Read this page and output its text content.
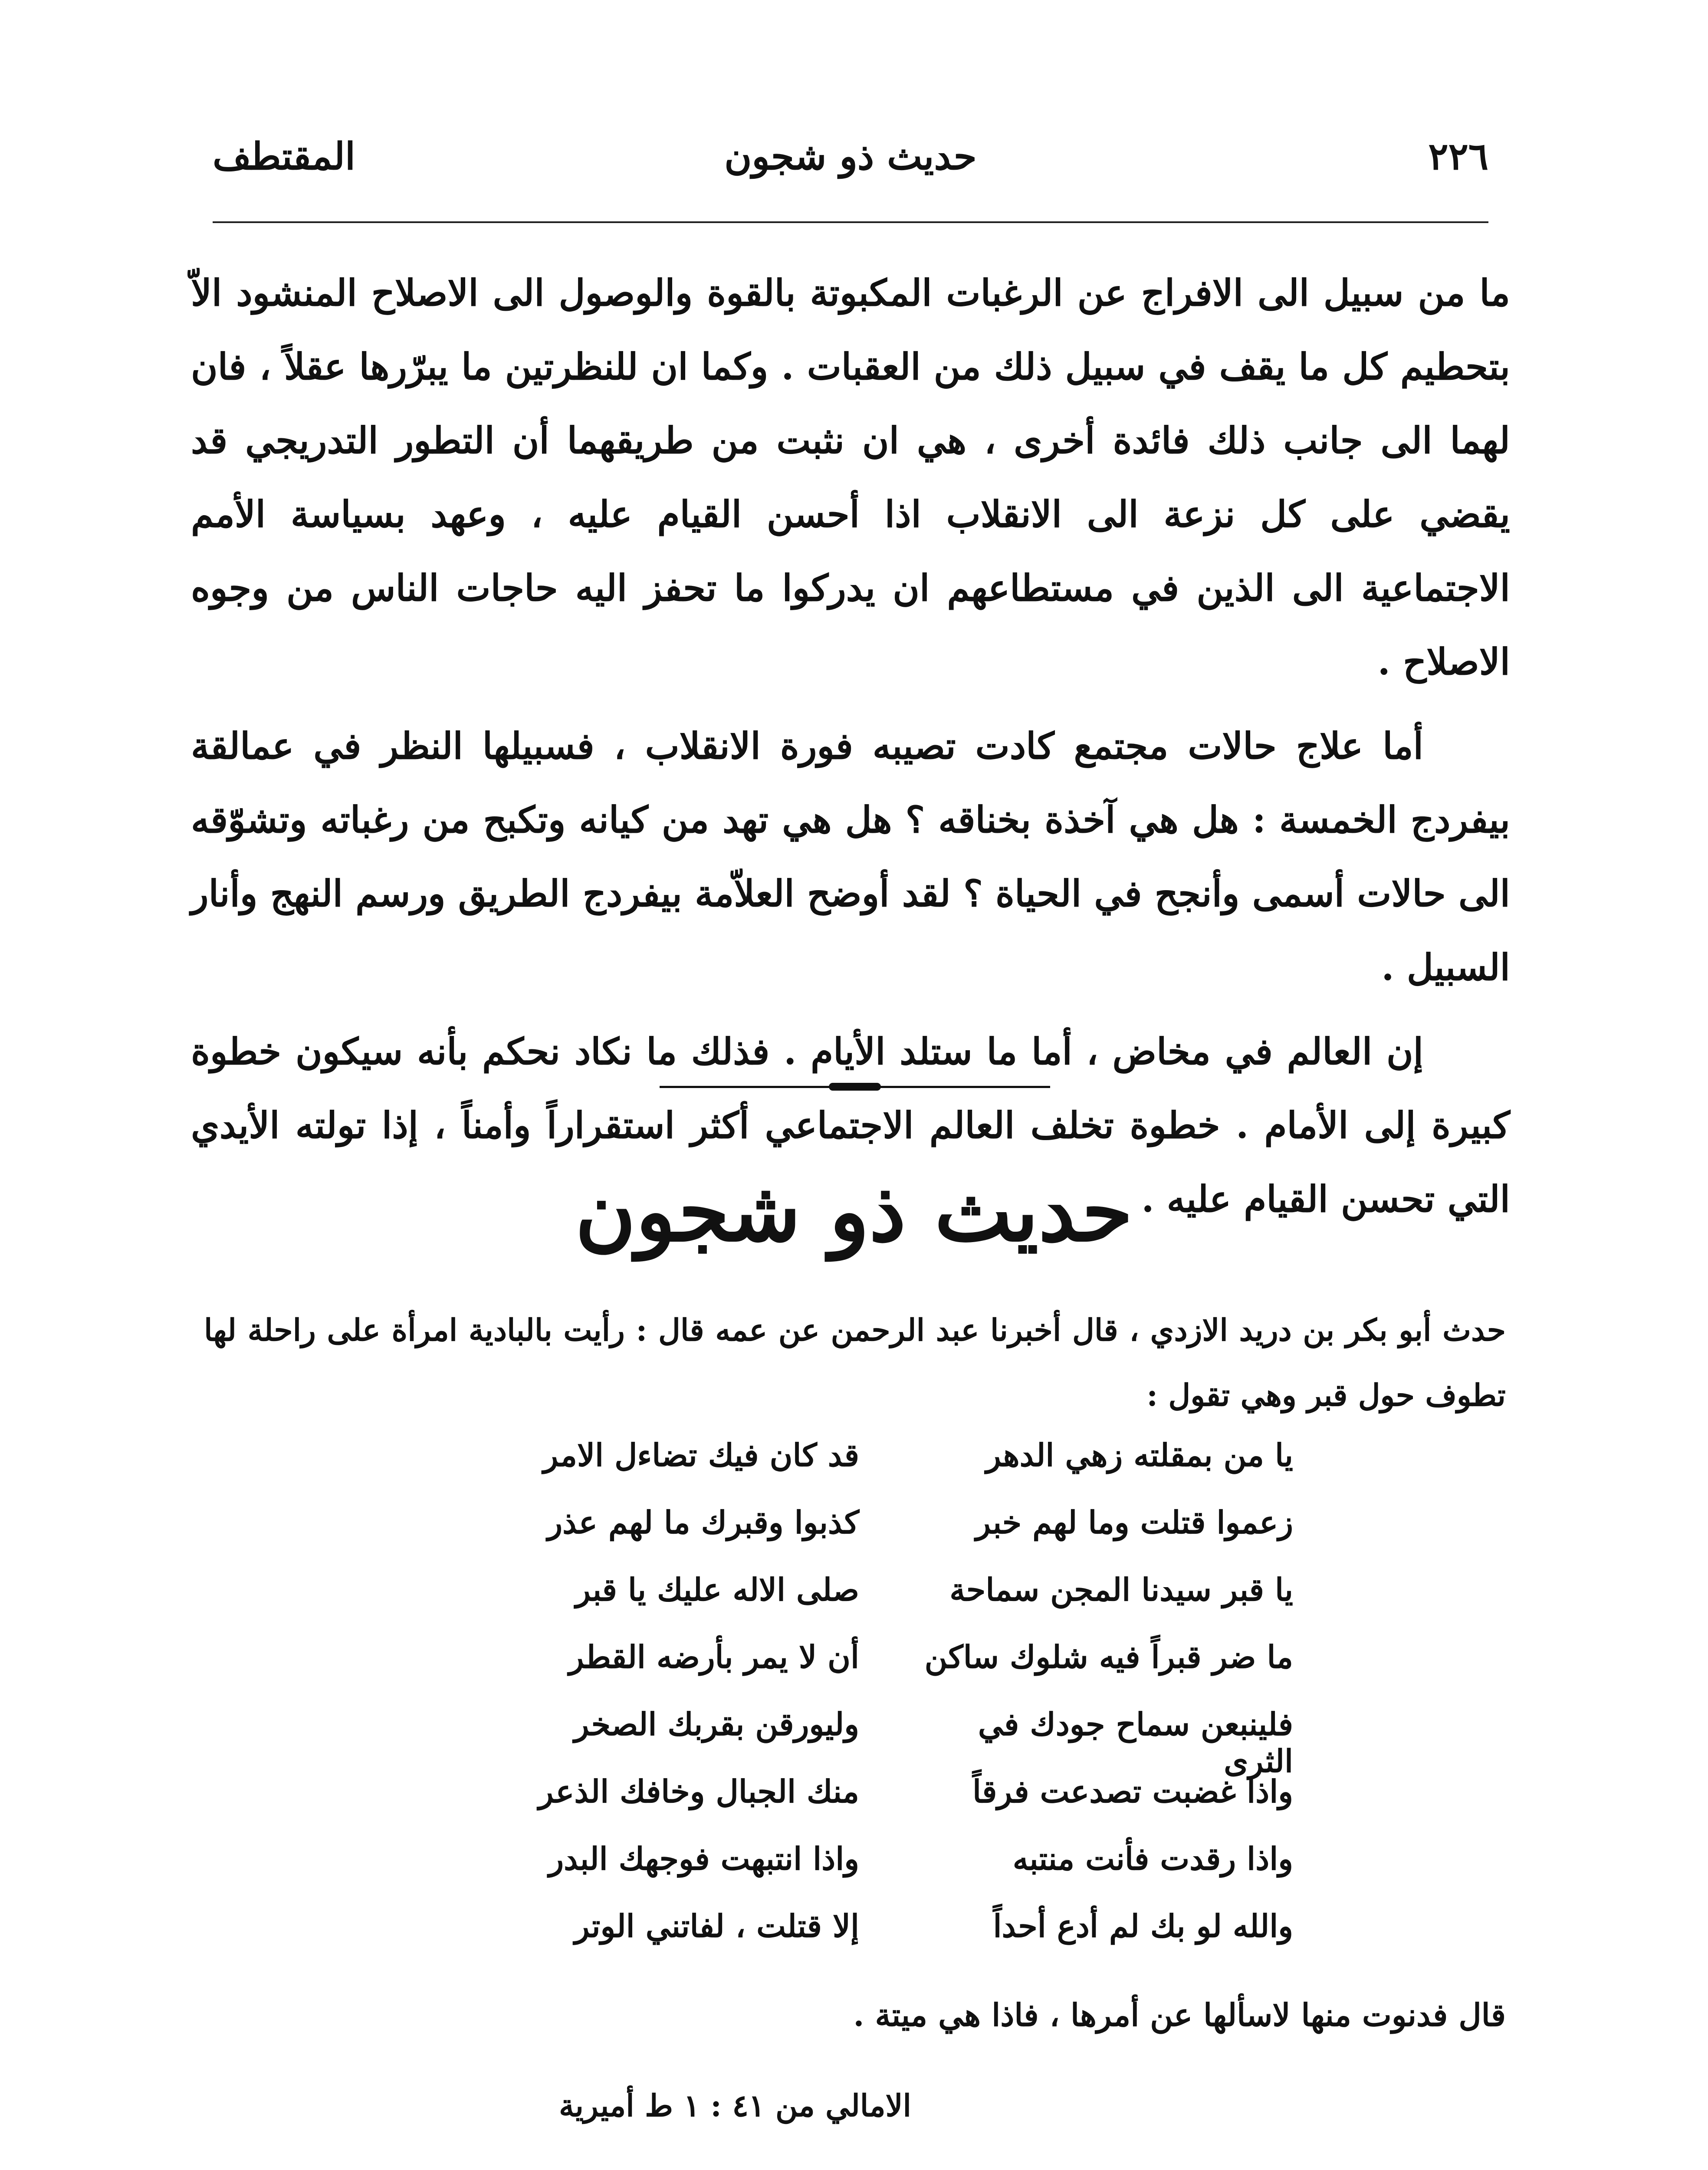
٢٢٦
حديث ذو شجون
المقتطف

ما من سبيل الى الافراج عن الرغبات المكبوتة بالقوة والوصول الى الاصلاح المنشود الاّ بتحطيم كل ما يقف في سبيل ذلك من العقبات . وكما ان للنظرتين ما يبرّرها عقلاً ، فان لهما الى جانب ذلك فائدة أخرى ، هي ان نثبت من طريقهما أن التطور التدريجي قد يقضي على كل نزعة الى الانقلاب اذا أحسن القيام عليه ، وعهد بسياسة الأمم الاجتماعية الى الذين في مستطاعهم ان يدركوا ما تحفز اليه حاجات الناس من وجوه الاصلاح .

أما علاج حالات مجتمع كادت تصيبه فورة الانقلاب ، فسبيلها النظر في عمالقة بيفردج الخمسة : هل هي آخذة بخناقه ؟ هل هي تهد من كيانه وتكبح من رغباته وتشوّقه الى حالات أسمى وأنجح في الحياة ؟ لقد أوضح العلاّمة بيفردج الطريق ورسم النهج وأنار السبيل .

إن العالم في مخاض ، أما ما ستلد الأيام . فذلك ما نكاد نحكم بأنه سيكون خطوة كبيرة إلى الأمام . خطوة تخلف العالم الاجتماعي أكثر استقراراً وأمناً ، إذا تولته الأيدي التي تحسن القيام عليه .

حديث ذو شجون
حدث أبو بكر بن دريد الازدي ، قال أخبرنا عبد الرحمن عن عمه قال : رأيت بالبادية امرأة على راحلة لها تطوف حول قبر وهي تقول :
يا من بمقلته زهي الدهر
قد كان فيك تضاءل الامر
زعموا قتلت وما لهم خبر
كذبوا وقبرك ما لهم عذر
يا قبر سيدنا المجن سماحة
صلى الاله عليك يا قبر
ما ضر قبراً فيه شلوك ساكن
أن لا يمر بأرضه القطر
فلينبعن سماح جودك في الثرى
وليورقن بقربك الصخر
واذا غضبت تصدعت فرقاً
منك الجبال وخافك الذعر
واذا رقدت فأنت منتبه
واذا انتبهت فوجهك البدر
والله لو بك لم أدع أحداً
إلا قتلت ، لفاتني الوتر
قال فدنوت منها لاسألها عن أمرها ، فاذا هي ميتة .
الامالي من ٤١ : ١ ط أميرية
